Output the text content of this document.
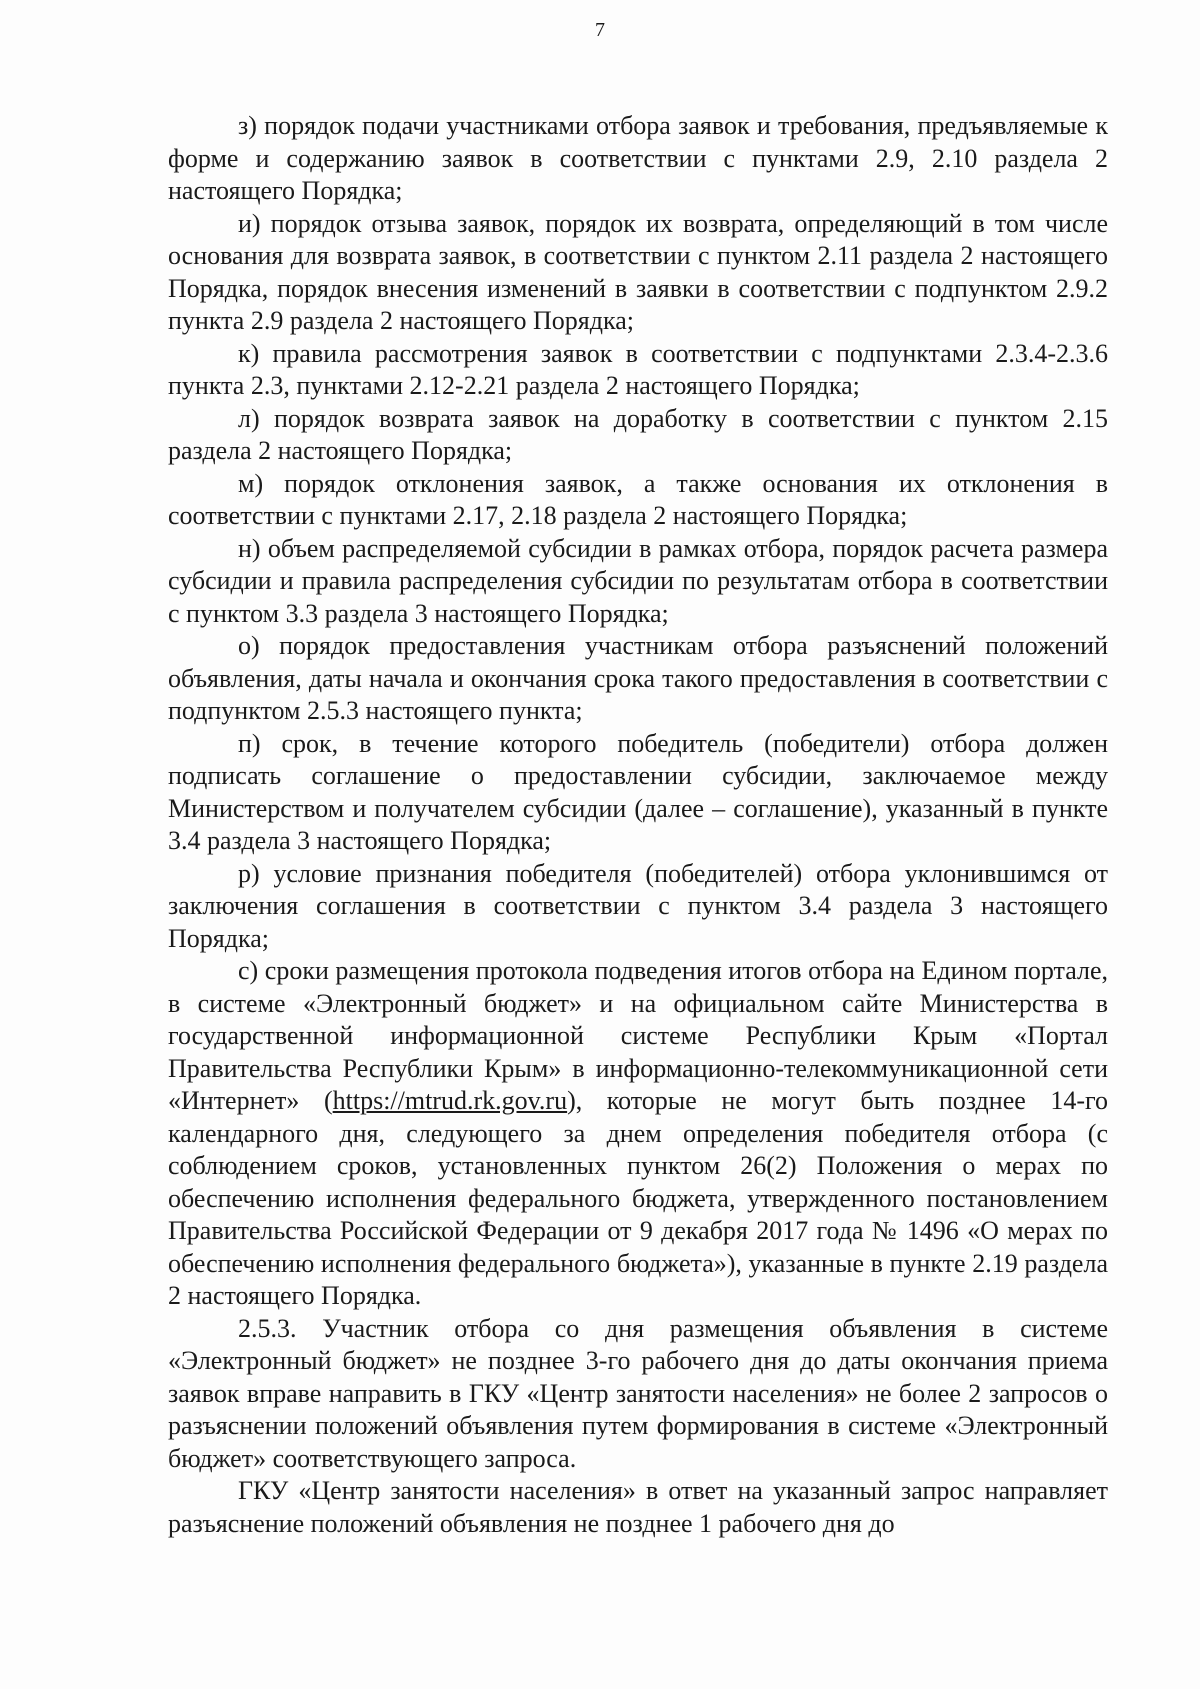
7

з) порядок подачи участниками отбора заявок и требования, предъявляемые к форме и содержанию заявок в соответствии с пунктами 2.9, 2.10 раздела 2 настоящего Порядка;

и) порядок отзыва заявок, порядок их возврата, определяющий в том числе основания для возврата заявок, в соответствии с пунктом 2.11 раздела 2 настоящего Порядка, порядок внесения изменений в заявки в соответствии с подпунктом 2.9.2 пункта 2.9 раздела 2 настоящего Порядка;

к) правила рассмотрения заявок в соответствии с подпунктами 2.3.4-2.3.6 пункта 2.3, пунктами 2.12-2.21 раздела 2 настоящего Порядка;

л) порядок возврата заявок на доработку в соответствии с пунктом 2.15 раздела 2 настоящего Порядка;

м) порядок отклонения заявок, а также основания их отклонения в соответствии с пунктами 2.17, 2.18 раздела 2 настоящего Порядка;

н) объем распределяемой субсидии в рамках отбора, порядок расчета размера субсидии и правила распределения субсидии по результатам отбора в соответствии с пунктом 3.3 раздела 3 настоящего Порядка;

о) порядок предоставления участникам отбора разъяснений положений объявления, даты начала и окончания срока такого предоставления в соответствии с подпунктом 2.5.3 настоящего пункта;

п) срок, в течение которого победитель (победители) отбора должен подписать соглашение о предоставлении субсидии, заключаемое между Министерством и получателем субсидии (далее – соглашение), указанный в пункте 3.4 раздела 3 настоящего Порядка;

р) условие признания победителя (победителей) отбора уклонившимся от заключения соглашения в соответствии с пунктом 3.4 раздела 3 настоящего Порядка;

с) сроки размещения протокола подведения итогов отбора на Едином портале, в системе «Электронный бюджет» и на официальном сайте Министерства в государственной информационной системе Республики Крым «Портал Правительства Республики Крым» в информационно-телекоммуникационной сети «Интернет» (https://mtrud.rk.gov.ru), которые не могут быть позднее 14-го календарного дня, следующего за днем определения победителя отбора (с соблюдением сроков, установленных пунктом 26(2) Положения о мерах по обеспечению исполнения федерального бюджета, утвержденного постановлением Правительства Российской Федерации от 9 декабря 2017 года № 1496 «О мерах по обеспечению исполнения федерального бюджета»), указанные в пункте 2.19 раздела 2 настоящего Порядка.

2.5.3. Участник отбора со дня размещения объявления в системе «Электронный бюджет» не позднее 3-го рабочего дня до даты окончания приема заявок вправе направить в ГКУ «Центр занятости населения» не более 2 запросов о разъяснении положений объявления путем формирования в системе «Электронный бюджет» соответствующего запроса.

ГКУ «Центр занятости населения» в ответ на указанный запрос направляет разъяснение положений объявления не позднее 1 рабочего дня до
